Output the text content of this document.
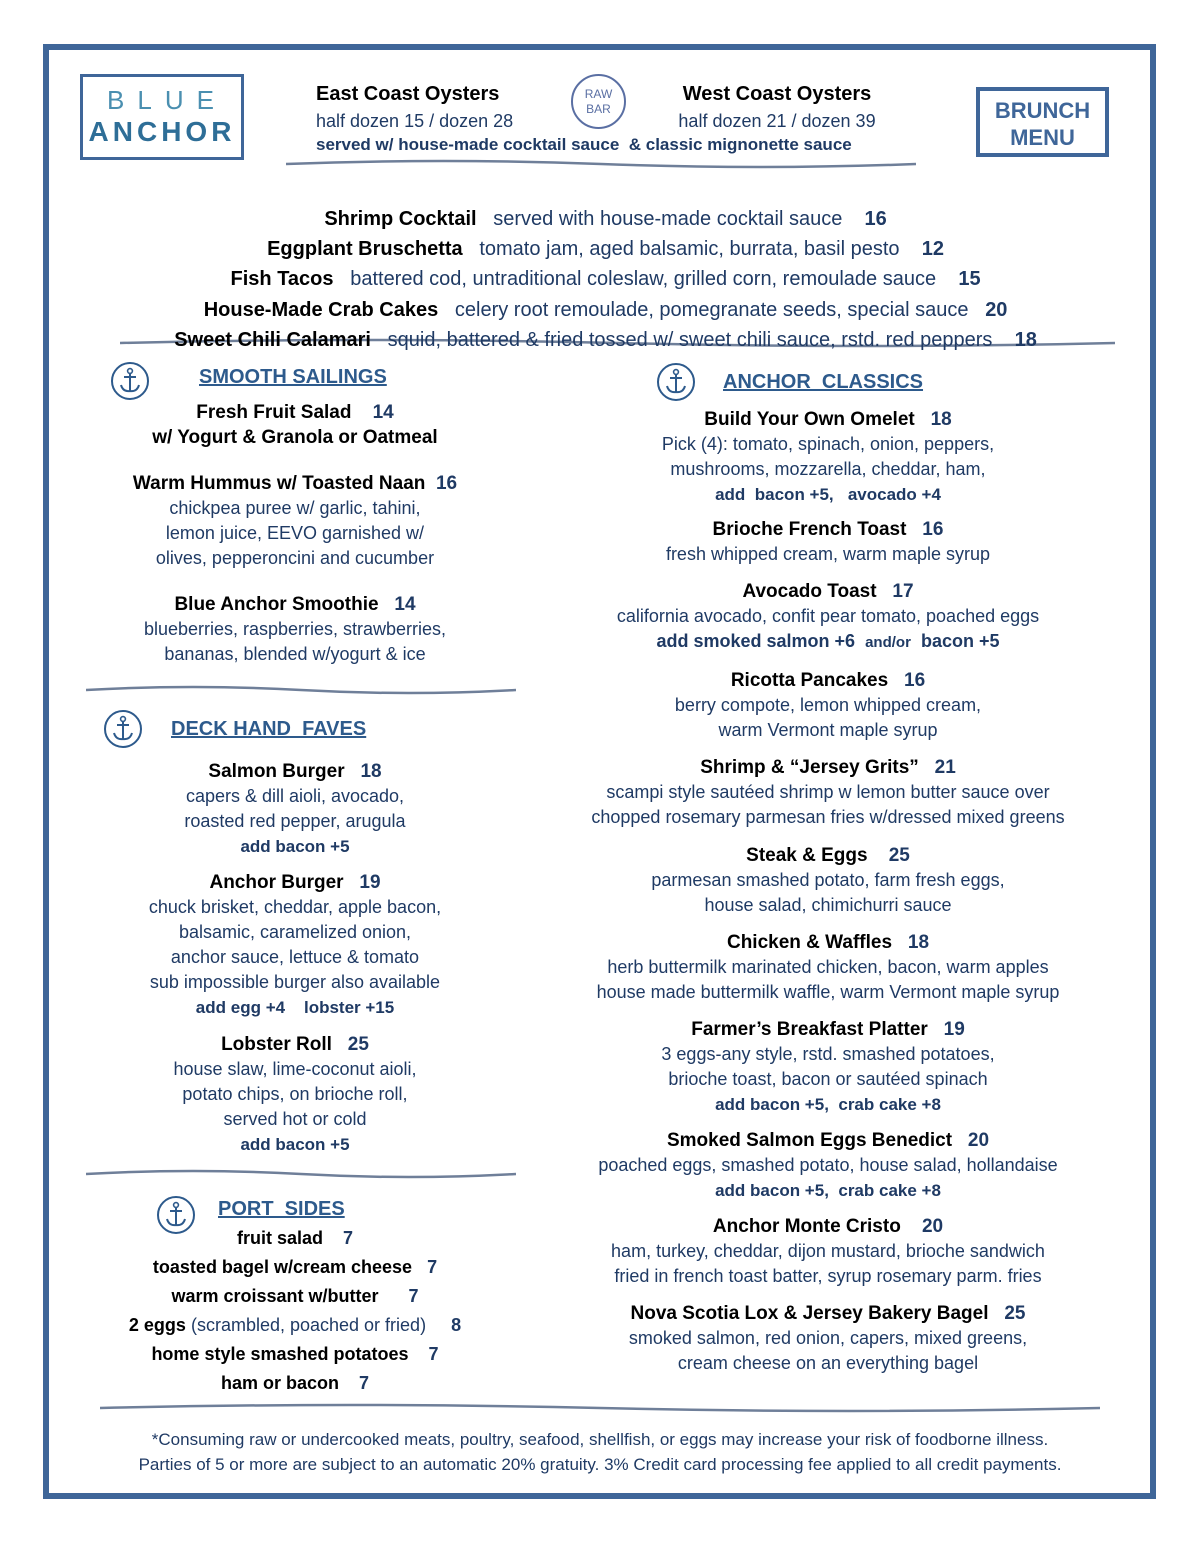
BLUE
ANCHOR
BRUNCH
MENU
RAW
BAR
East Coast Oysters
half dozen 15 / dozen 28
West Coast Oysters
half dozen 21 / dozen 39
served w/ house-made cocktail sauce  & classic mignonette sauce

Shrimp Cocktail served with house-made cocktail sauce 16

Eggplant Bruschetta tomato jam, aged balsamic, burrata, basil pesto 12

Fish Tacos battered cod, untraditional coleslaw, grilled corn, remoulade sauce 15

House-Made Crab Cakes celery root remoulade, pomegranate seeds, special sauce 20

Sweet Chili Calamari squid, battered & fried tossed w/ sweet chili sauce, rstd. red peppers 18

SMOOTH SAILINGS
DECK HAND  FAVES
PORT  SIDES
ANCHOR  CLASSICS
Fresh Fruit Salad 14
w/ Yogurt & Granola or Oatmeal
Warm Hummus w/ Toasted Naan 16
chickpea puree w/ garlic, tahini,
lemon juice, EEVO garnished w/
olives, pepperoncini and cucumber
Blue Anchor Smoothie 14
blueberries, raspberries, strawberries,
bananas, blended w/yogurt & ice
Salmon Burger 18
capers & dill aioli, avocado,
roasted red pepper, arugula
add bacon +5
Anchor Burger 19
chuck brisket, cheddar, apple bacon,
balsamic, caramelized onion,
anchor sauce, lettuce & tomato
sub impossible burger also available
add egg +4    lobster +15
Lobster Roll 25
house slaw, lime-coconut aioli,
potato chips, on brioche roll,
served hot or cold
add bacon +5
fruit salad 7
toasted bagel w/cream cheese 7
warm croissant w/butter 7
2 eggs (scrambled, poached or fried) 8
home style smashed potatoes 7
ham or bacon 7
Build Your Own Omelet 18
Pick (4): tomato, spinach, onion, peppers,
mushrooms, mozzarella, cheddar, ham,
add  bacon +5,   avocado +4
Brioche French Toast 16
fresh whipped cream, warm maple syrup
Avocado Toast 17
california avocado, confit pear tomato, poached eggs
add smoked salmon +6 and/or bacon +5
Ricotta Pancakes 16
berry compote, lemon whipped cream,
warm Vermont maple syrup
Shrimp & “Jersey Grits” 21
scampi style sautéed shrimp w lemon butter sauce over
chopped rosemary parmesan fries w/dressed mixed greens
Steak & Eggs 25
parmesan smashed potato, farm fresh eggs,
house salad, chimichurri sauce
Chicken & Waffles 18
herb buttermilk marinated chicken, bacon, warm apples
house made buttermilk waffle, warm Vermont maple syrup
Farmer’s Breakfast Platter 19
3 eggs-any style, rstd. smashed potatoes,
brioche toast, bacon or sautéed spinach
add bacon +5,  crab cake +8
Smoked Salmon Eggs Benedict 20
poached eggs, smashed potato, house salad, hollandaise
add bacon +5,  crab cake +8
Anchor Monte Cristo 20
ham, turkey, cheddar, dijon mustard, brioche sandwich
fried in french toast batter, syrup rosemary parm. fries
Nova Scotia Lox & Jersey Bakery Bagel 25
smoked salmon, red onion, capers, mixed greens,
cream cheese on an everything bagel
*Consuming raw or undercooked meats, poultry, seafood, shellfish, or eggs may increase your risk of foodborne illness.
Parties of 5 or more are subject to an automatic 20% gratuity. 3% Credit card processing fee applied to all credit payments.
